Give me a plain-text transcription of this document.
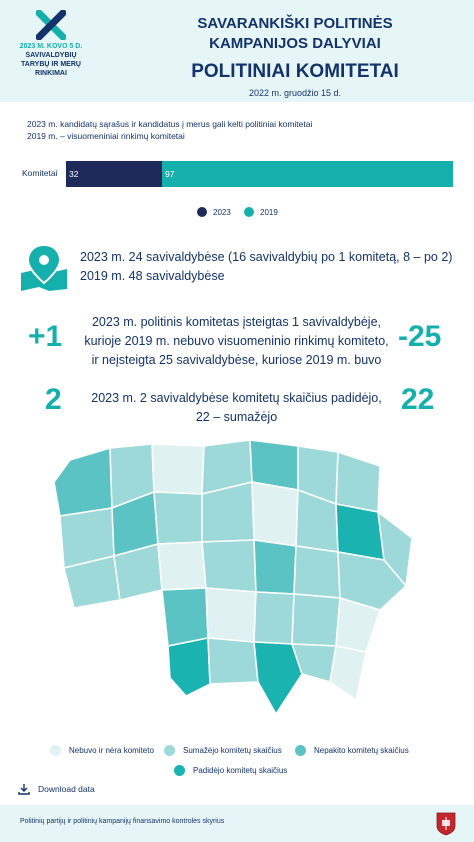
2023 M. KOVO 5 D.
SAVIVALDYBIŲ
TARYBŲ IR MERŲ
RINKIMAI
SAVARANKIŠKI POLITINĖS
KAMPANIJOS DALYVIAI
POLITINIAI KOMITETAI
2022 m. gruodžio 15 d.
2023 m. kandidatų sąrašus ir kandidatus į merus gali kelti politiniai komitetai
2019 m. – visuomeniniai rinkimų komitetai
Komitetai 32	97
2023	2019
2023 m. 24 savivaldybėse (16 savivaldybių po 1 komitetą, 8 – po 2)
2019 m. 48 savivaldybėse
+1	-25
2023 m. politinis komitetas įsteigtas 1 savivaldybėje,
kurioje 2019 m. nebuvo visuomeninio rinkimų komiteto,
ir neįsteigta 25 savivaldybėse, kuriose 2019 m. buvo
2	22
2023 m. 2 savivaldybėse komitetų skaičius padidėjo,
22 – sumažėjo
Nebuvo ir nėra komiteto	Sumažėjo komitetų skaičius	Nepakito komitetų skaičius
Padidėjo komitetų skaičius
Download data
Politinių partijų ir politinių kampanijų finansavimo kontrolės skyrius
